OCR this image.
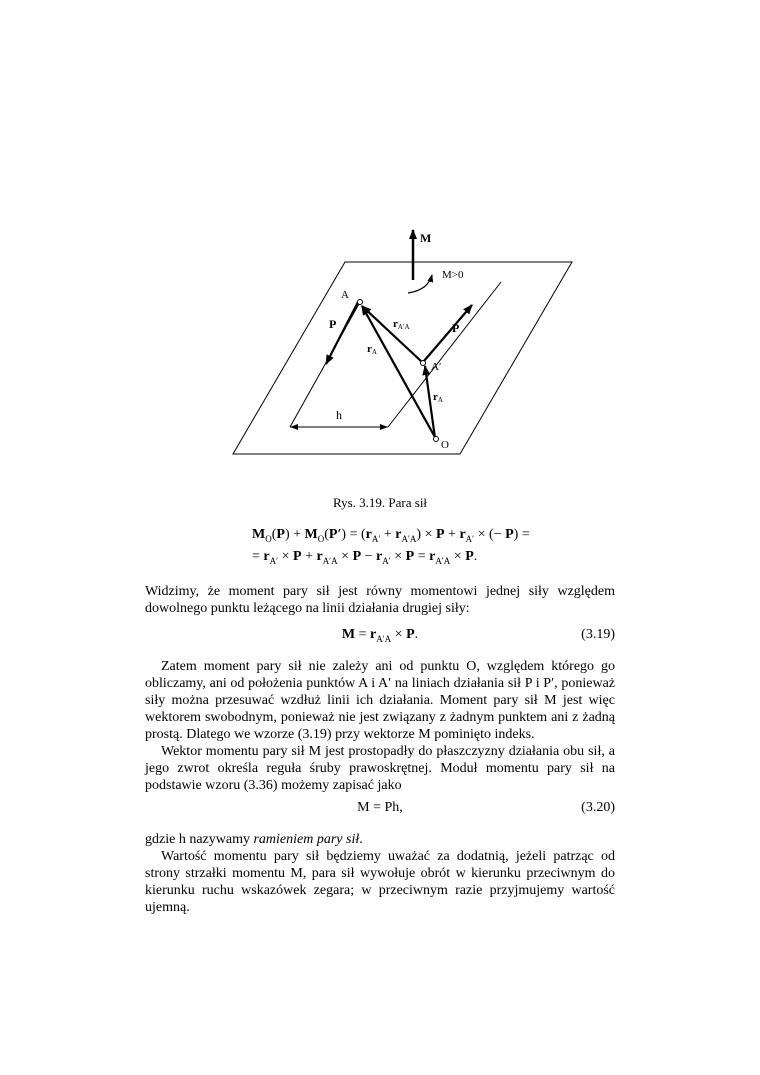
M
M>0
A
A′
O
P	P
rA′A
rA
rA
h
Rys. 3.19. Para sił
$M_O(P) + M_O(P') = (r_{A'} + r_{A'A}) \times P + r_{A'}$ × (− P) =
= $r_{A'} \times P + r_{A'A} \times P - r_{A'} \times P = r_{A'A} \times P$.
Widzimy, że moment pary sił jest równy momentowi jednej siły względem dowolnego punktu leżącego na linii działania drugiej siły:
$M = r_{A'A} \times P$.	(3.19)
Zatem moment pary sił nie zależy ani od punktu O, względem którego go obliczamy, ani od położenia punktów A i A′ na liniach działania sił P i P′, ponieważ siły można przesuwać wzdłuż linii ich działania. Moment pary sił M jest więc wektorem swobodnym, ponieważ nie jest związany z żadnym punktem ani z żadną prostą. Dlatego we wzorze (3.19) przy wektorze M pominięto indeks.
Wektor momentu pary sił M jest prostopadły do płaszczyzny działania obu sił, a jego zwrot określa reguła śruby prawoskrętnej. Moduł momentu pary sił na podstawie wzoru (3.36) możemy zapisać jako
M = Ph,	(3.20)
gdzie h nazywamy ramieniem pary sił.
Wartość momentu pary sił będziemy uważać za dodatnią, jeżeli patrząc od strony strzałki momentu M, para sił wywołuje obrót w kierunku przeciwnym do kierunku ruchu wskazówek zegara; w przeciwnym razie przyjmujemy wartość ujemną.
